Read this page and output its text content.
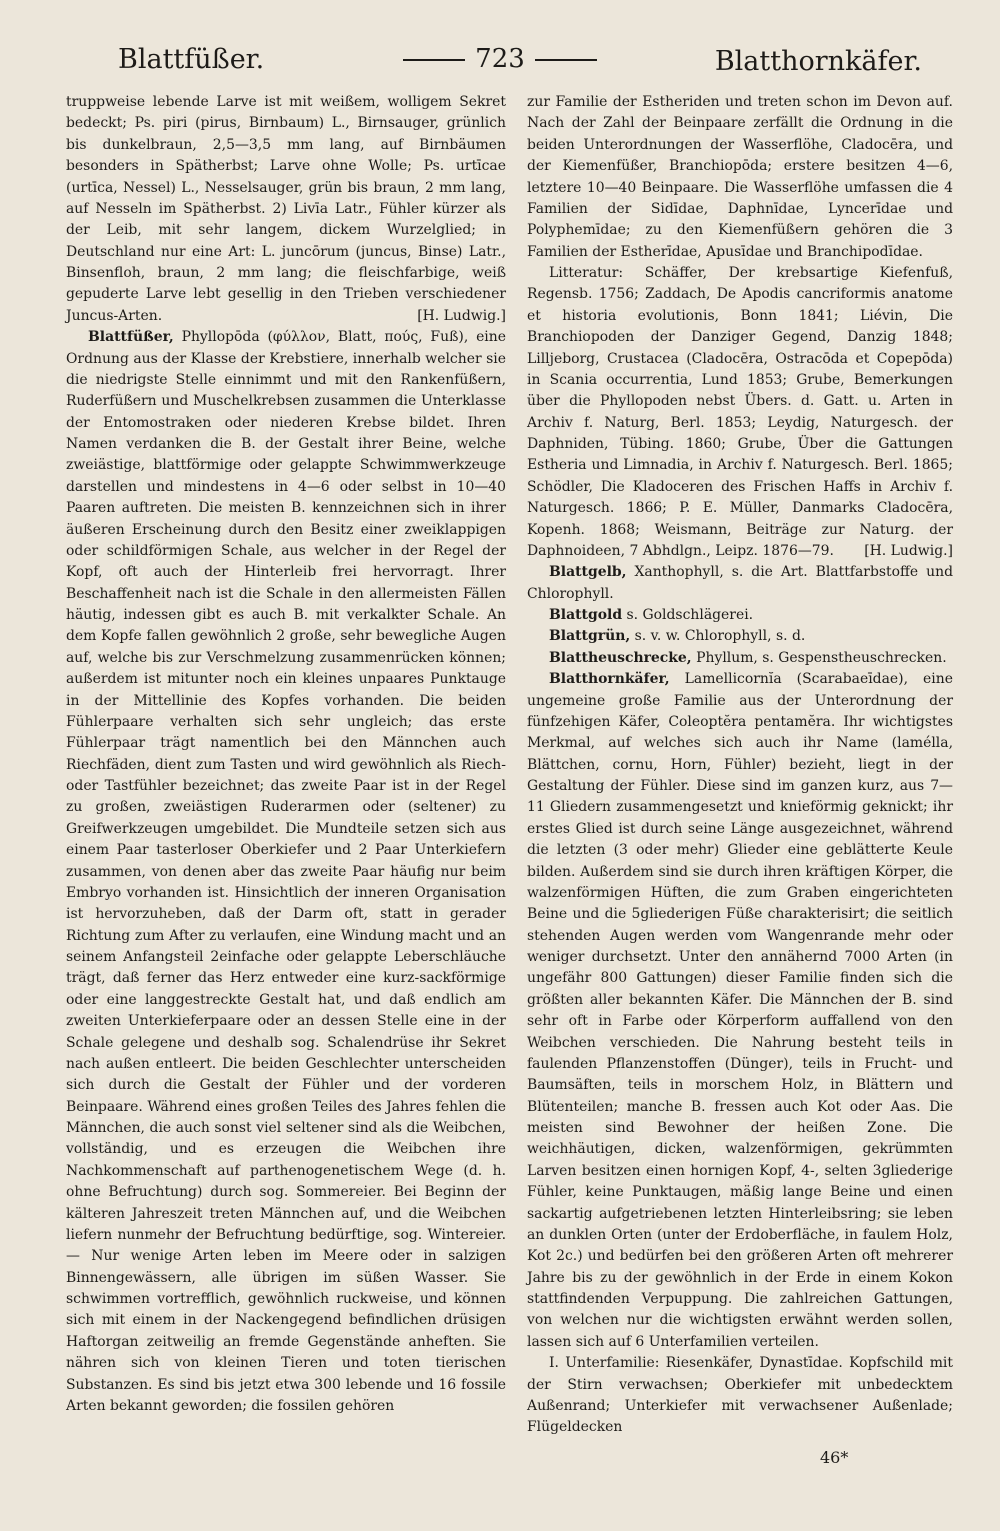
Blattfüßer.	723	Blatthornkäfer.

truppweise lebende Larve ist mit weißem, wolligem Sekret bedeckt; Ps. piri (pirus, Birnbaum) L., Birnsauger, grünlich bis dunkelbraun, 2,5—3,5 mm lang, auf Birnbäumen besonders in Spätherbst; Larve ohne Wolle; Ps. urtīcae (urtīca, Nessel) L., Nesselsauger, grün bis braun, 2 mm lang, auf Nesseln im Spätherbst. 2) Livīa Latr., Fühler kürzer als der Leib, mit sehr langem, dickem Wurzelglied; in Deutschland nur eine Art: L. juncōrum (juncus, Binse) Latr., Binsenfloh, braun, 2 mm lang; die fleischfarbige, weiß gepuderte Larve lebt gesellig in den Trieben verschiedener Juncus-Arten.	[H. Ludwig.]

Blattfüßer, Phyllopōda (φύλλον, Blatt, πούς, Fuß), eine Ordnung aus der Klasse der Krebstiere, innerhalb welcher sie die niedrigste Stelle einnimmt und mit den Rankenfüßern, Ruderfüßern und Muschelkrebsen zusammen die Unterklasse der Entomostraken oder niederen Krebse bildet. Ihren Namen verdanken die B. der Gestalt ihrer Beine, welche zweiästige, blattförmige oder gelappte Schwimmwerkzeuge darstellen und mindestens in 4—6 oder selbst in 10—40 Paaren auftreten. Die meisten B. kennzeichnen sich in ihrer äußeren Erscheinung durch den Besitz einer zweiklappigen oder schildförmigen Schale, aus welcher in der Regel der Kopf, oft auch der Hinterleib frei hervorragt. Ihrer Beschaffenheit nach ist die Schale in den allermeisten Fällen häutig, indessen gibt es auch B. mit verkalkter Schale. An dem Kopfe fallen gewöhnlich 2 große, sehr bewegliche Augen auf, welche bis zur Verschmelzung zusammenrücken können; außerdem ist mitunter noch ein kleines unpaares Punktauge in der Mittellinie des Kopfes vorhanden. Die beiden Fühlerpaare verhalten sich sehr ungleich; das erste Fühlerpaar trägt namentlich bei den Männchen auch Riechfäden, dient zum Tasten und wird gewöhnlich als Riech- oder Tastfühler bezeichnet; das zweite Paar ist in der Regel zu großen, zweiästigen Ruderarmen oder (seltener) zu Greifwerkzeugen umgebildet. Die Mundteile setzen sich aus einem Paar tasterloser Oberkiefer und 2 Paar Unterkiefern zusammen, von denen aber das zweite Paar häufig nur beim Embryo vorhanden ist. Hinsichtlich der inneren Organisation ist hervorzuheben, daß der Darm oft, statt in gerader Richtung zum After zu verlaufen, eine Windung macht und an seinem Anfangsteil 2einfache oder gelappte Leberschläuche trägt, daß ferner das Herz entweder eine kurz-sackförmige oder eine langgestreckte Gestalt hat, und daß endlich am zweiten Unterkieferpaare oder an dessen Stelle eine in der Schale gelegene und deshalb sog. Schalendrüse ihr Sekret nach außen entleert. Die beiden Geschlechter unterscheiden sich durch die Gestalt der Fühler und der vorderen Beinpaare. Während eines großen Teiles des Jahres fehlen die Männchen, die auch sonst viel seltener sind als die Weibchen, vollständig, und es erzeugen die Weibchen ihre Nachkommenschaft auf parthenogenetischem Wege (d. h. ohne Befruchtung) durch sog. Sommereier. Bei Beginn der kälteren Jahreszeit treten Männchen auf, und die Weibchen liefern nunmehr der Befruchtung bedürftige, sog. Wintereier. — Nur wenige Arten leben im Meere oder in salzigen Binnengewässern, alle übrigen im süßen Wasser. Sie schwimmen vortrefflich, gewöhnlich ruckweise, und können sich mit einem in der Nackengegend befindlichen drüsigen Haftorgan zeitweilig an fremde Gegenstände anheften. Sie nähren sich von kleinen Tieren und toten tierischen Substanzen. Es sind bis jetzt etwa 300 lebende und 16 fossile Arten bekannt geworden; die fossilen gehören

zur Familie der Estheriden und treten schon im Devon auf. Nach der Zahl der Beinpaare zerfällt die Ordnung in die beiden Unterordnungen der Wasserflöhe, Cladocēra, und der Kiemenfüßer, Branchiopōda; erstere besitzen 4—6, letztere 10—40 Beinpaare. Die Wasserflöhe umfassen die 4 Familien der Sidīdae, Daphnīdae, Lyncerīdae und Polyphemīdae; zu den Kiemenfüßern gehören die 3 Familien der Estherīdae, Apusīdae und Branchipodīdae.

Litteratur: Schäffer, Der krebsartige Kiefenfuß, Regensb. 1756; Zaddach, De Apodis cancriformis anatome et historia evolutionis, Bonn 1841; Liévin, Die Branchiopoden der Danziger Gegend, Danzig 1848; Lilljeborg, Crustacea (Cladocēra, Ostracōda et Copepōda) in Scania occurrentia, Lund 1853; Grube, Bemerkungen über die Phyllopoden nebst Übers. d. Gatt. u. Arten in Archiv f. Naturg, Berl. 1853; Leydig, Naturgesch. der Daphniden, Tübing. 1860; Grube, Über die Gattungen Estheria und Limnadia, in Archiv f. Naturgesch. Berl. 1865; Schödler, Die Kladoceren des Frischen Haffs in Archiv f. Naturgesch. 1866; P. E. Müller, Danmarks Cladocēra, Kopenh. 1868; Weismann, Beiträge zur Naturg. der Daphnoideen, 7 Abhdlgn., Leipz. 1876—79.	[H. Ludwig.]

Blattgelb, Xanthophyll, s. die Art. Blattfarbstoffe und Chlorophyll.

Blattgold s. Goldschlägerei.

Blattgrün, s. v. w. Chlorophyll, s. d.

Blattheuschrecke, Phyllum, s. Gespenstheuschrecken.

Blatthornkäfer, Lamellicornĭa (Scarabaeīdae), eine ungemeine große Familie aus der Unterordnung der fünfzehigen Käfer, Coleoptĕra pentamĕra. Ihr wichtigstes Merkmal, auf welches sich auch ihr Name (lamélla, Blättchen, cornu, Horn, Fühler) bezieht, liegt in der Gestaltung der Fühler. Diese sind im ganzen kurz, aus 7—11 Gliedern zusammengesetzt und knieförmig geknickt; ihr erstes Glied ist durch seine Länge ausgezeichnet, während die letzten (3 oder mehr) Glieder eine geblätterte Keule bilden. Außerdem sind sie durch ihren kräftigen Körper, die walzenförmigen Hüften, die zum Graben eingerichteten Beine und die 5gliederigen Füße charakterisirt; die seitlich stehenden Augen werden vom Wangenrande mehr oder weniger durchsetzt. Unter den annähernd 7000 Arten (in ungefähr 800 Gattungen) dieser Familie finden sich die größten aller bekannten Käfer. Die Männchen der B. sind sehr oft in Farbe oder Körperform auffallend von den Weibchen verschieden. Die Nahrung besteht teils in faulenden Pflanzenstoffen (Dünger), teils in Frucht- und Baumsäften, teils in morschem Holz, in Blättern und Blütenteilen; manche B. fressen auch Kot oder Aas. Die meisten sind Bewohner der heißen Zone. Die weichhäutigen, dicken, walzenförmigen, gekrümmten Larven besitzen einen hornigen Kopf, 4-, selten 3gliederige Fühler, keine Punktaugen, mäßig lange Beine und einen sackartig aufgetriebenen letzten Hinterleibsring; sie leben an dunklen Orten (unter der Erdoberfläche, in faulem Holz, Kot 2c.) und bedürfen bei den größeren Arten oft mehrerer Jahre bis zu der gewöhnlich in der Erde in einem Kokon stattfindenden Verpuppung. Die zahlreichen Gattungen, von welchen nur die wichtigsten erwähnt werden sollen, lassen sich auf 6 Unterfamilien verteilen.

I. Unterfamilie: Riesenkäfer, Dynastīdae. Kopfschild mit der Stirn verwachsen; Oberkiefer mit unbedecktem Außenrand; Unterkiefer mit verwachsener Außenlade; Flügeldecken

46*
